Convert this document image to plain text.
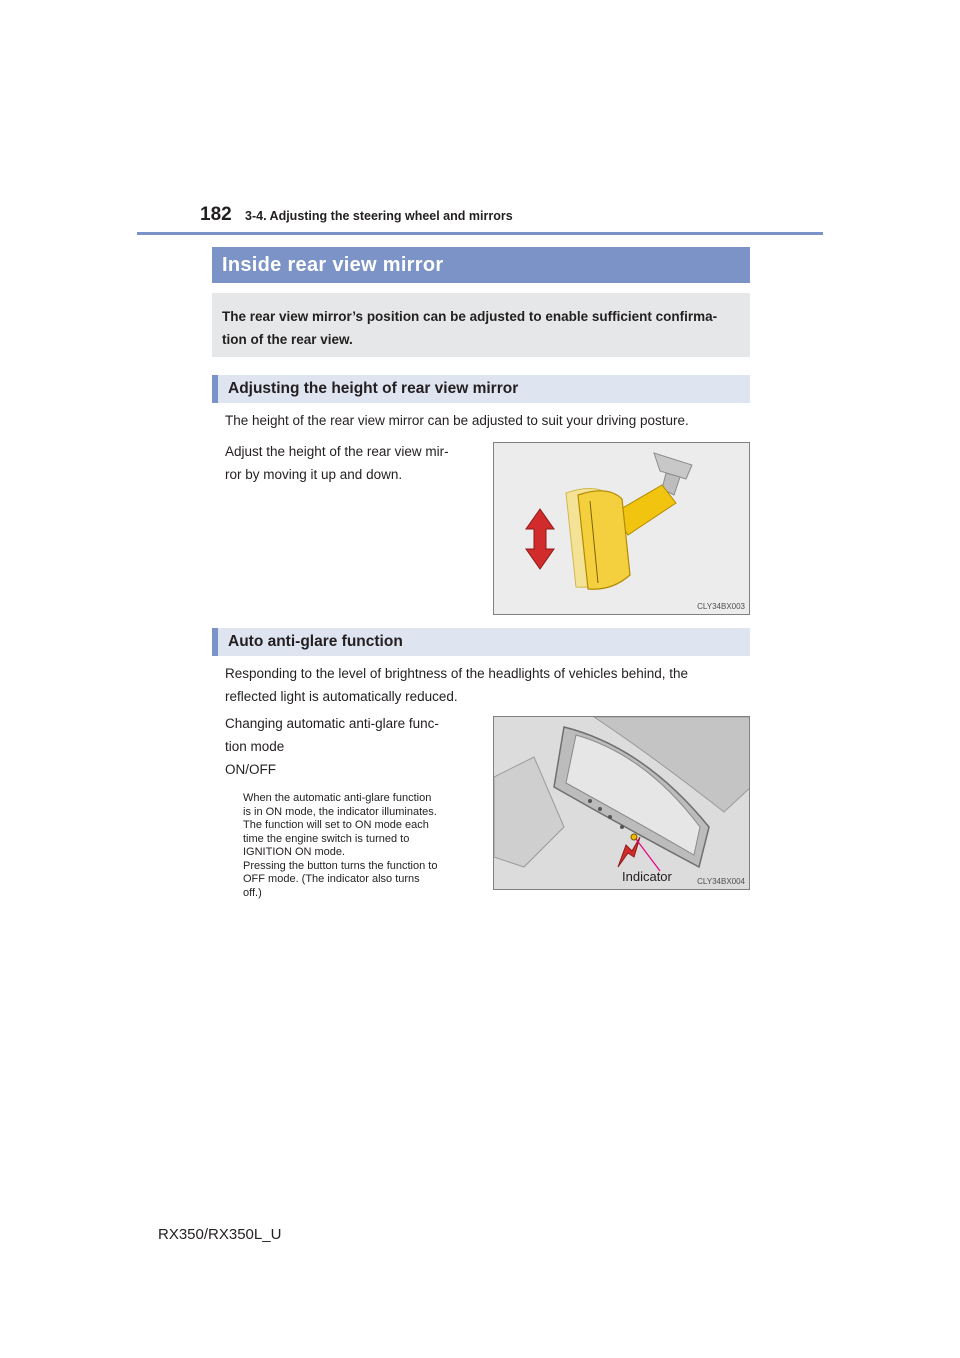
182 3-4. Adjusting the steering wheel and mirrors
Inside rear view mirror
The rear view mirror’s position can be adjusted to enable sufficient confirma-
tion of the rear view.
Adjusting the height of rear view mirror
The height of the rear view mirror can be adjusted to suit your driving posture.
Adjust the height of the rear view mir-
ror by moving it up and down.
CLY34BX003
Auto anti-glare function
Responding to the level of brightness of the headlights of vehicles behind, the
reflected light is automatically reduced.
Changing automatic anti-glare func-
tion mode
ON/OFF
When the automatic anti-glare function
is in ON mode, the indicator illuminates.
The function will set to ON mode each
time the engine switch is turned to
IGNITION ON mode.
Pressing the button turns the function to
OFF mode. (The indicator also turns
off.)
Indicator	CLY34BX004
RX350/RX350L_U
